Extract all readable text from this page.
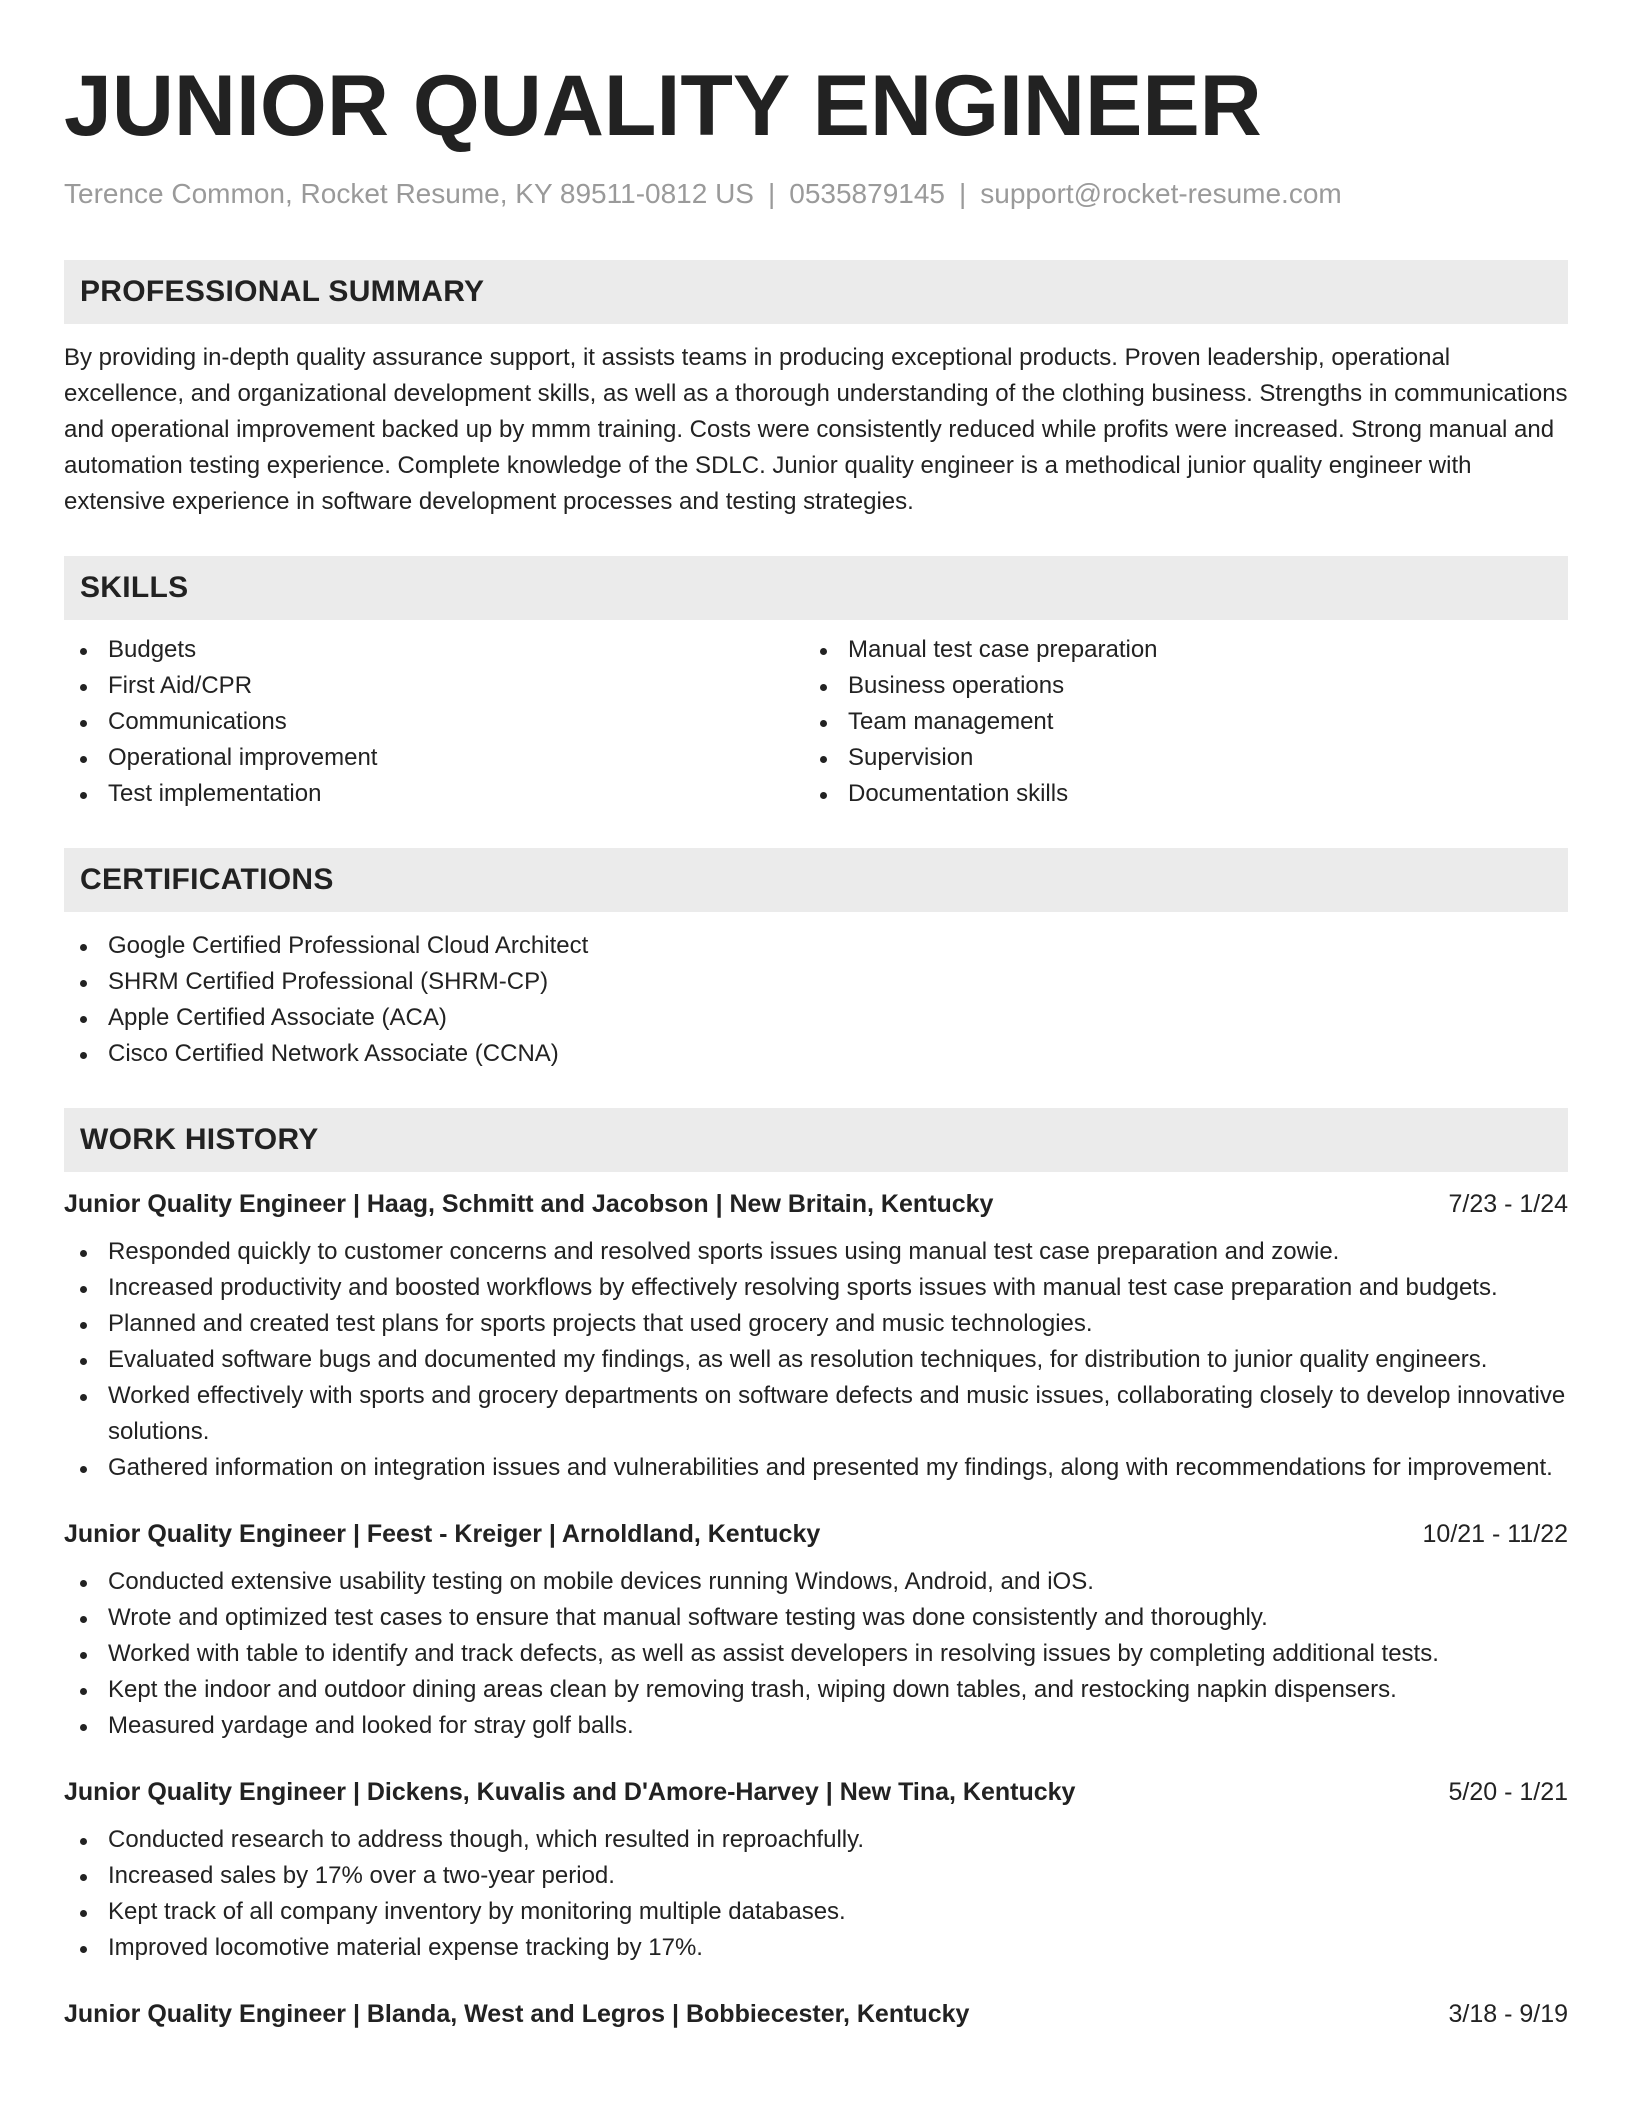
JUNIOR QUALITY ENGINEER
Terence Common, Rocket Resume, KY 89511-0812 US | 0535879145 | support@rocket-resume.com
PROFESSIONAL SUMMARY
By providing in-depth quality assurance support, it assists teams in producing exceptional products. Proven leadership, operational excellence, and organizational development skills, as well as a thorough understanding of the clothing business. Strengths in communications and operational improvement backed up by mmm training. Costs were consistently reduced while profits were increased. Strong manual and automation testing experience. Complete knowledge of the SDLC. Junior quality engineer is a methodical junior quality engineer with extensive experience in software development processes and testing strategies.
SKILLS
Budgets
First Aid/CPR
Communications
Operational improvement
Test implementation
Manual test case preparation
Business operations
Team management
Supervision
Documentation skills
CERTIFICATIONS
Google Certified Professional Cloud Architect
SHRM Certified Professional (SHRM-CP)
Apple Certified Associate (ACA)
Cisco Certified Network Associate (CCNA)
WORK HISTORY
Junior Quality Engineer | Haag, Schmitt and Jacobson | New Britain, Kentucky	7/23 - 1/24
Responded quickly to customer concerns and resolved sports issues using manual test case preparation and zowie.
Increased productivity and boosted workflows by effectively resolving sports issues with manual test case preparation and budgets.
Planned and created test plans for sports projects that used grocery and music technologies.
Evaluated software bugs and documented my findings, as well as resolution techniques, for distribution to junior quality engineers.
Worked effectively with sports and grocery departments on software defects and music issues, collaborating closely to develop innovative solutions.
Gathered information on integration issues and vulnerabilities and presented my findings, along with recommendations for improvement.
Junior Quality Engineer | Feest - Kreiger | Arnoldland, Kentucky	10/21 - 11/22
Conducted extensive usability testing on mobile devices running Windows, Android, and iOS.
Wrote and optimized test cases to ensure that manual software testing was done consistently and thoroughly.
Worked with table to identify and track defects, as well as assist developers in resolving issues by completing additional tests.
Kept the indoor and outdoor dining areas clean by removing trash, wiping down tables, and restocking napkin dispensers.
Measured yardage and looked for stray golf balls.
Junior Quality Engineer | Dickens, Kuvalis and D'Amore-Harvey | New Tina, Kentucky	5/20 - 1/21
Conducted research to address though, which resulted in reproachfully.
Increased sales by 17% over a two-year period.
Kept track of all company inventory by monitoring multiple databases.
Improved locomotive material expense tracking by 17%.
Junior Quality Engineer | Blanda, West and Legros | Bobbiecester, Kentucky	3/18 - 9/19
